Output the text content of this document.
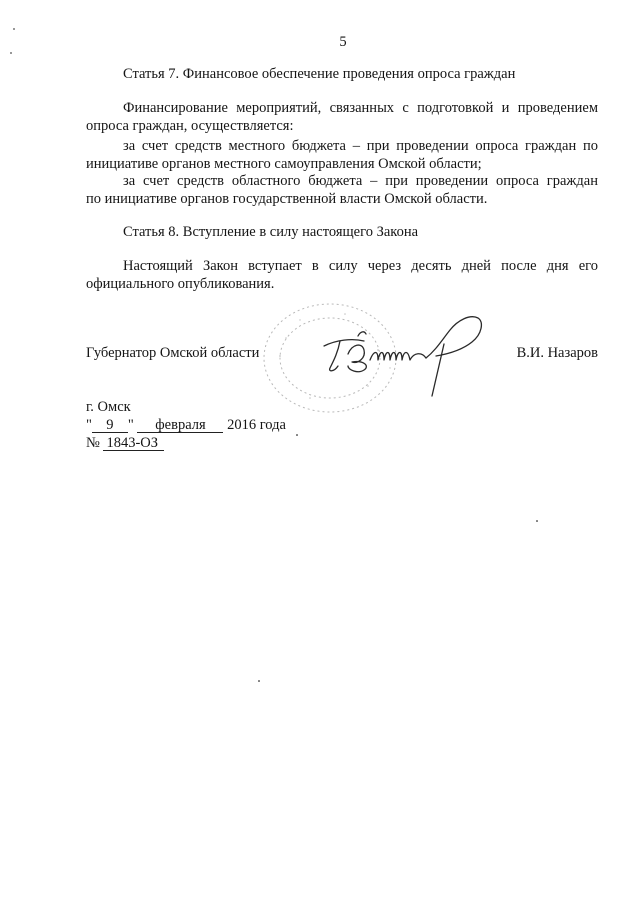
5
Статья 7. Финансовое обеспечение проведения опроса граждан
Финансирование мероприятий, связанных с подготовкой и проведением
опроса граждан, осуществляется:
за счет средств местного бюджета – при проведении опроса граждан по
инициативе органов местного самоуправления Омской области;
за счет средств областного бюджета – при проведении опроса граждан
по инициативе органов государственной власти Омской области.
Статья 8. Вступление в силу настоящего Закона
Настоящий Закон вступает в силу через десять дней после дня его
официального опубликования.
Губернатор Омской области	В.И. Назаров
г. Омск
" 9 " февраля 2016 года
№ 1843-ОЗ
